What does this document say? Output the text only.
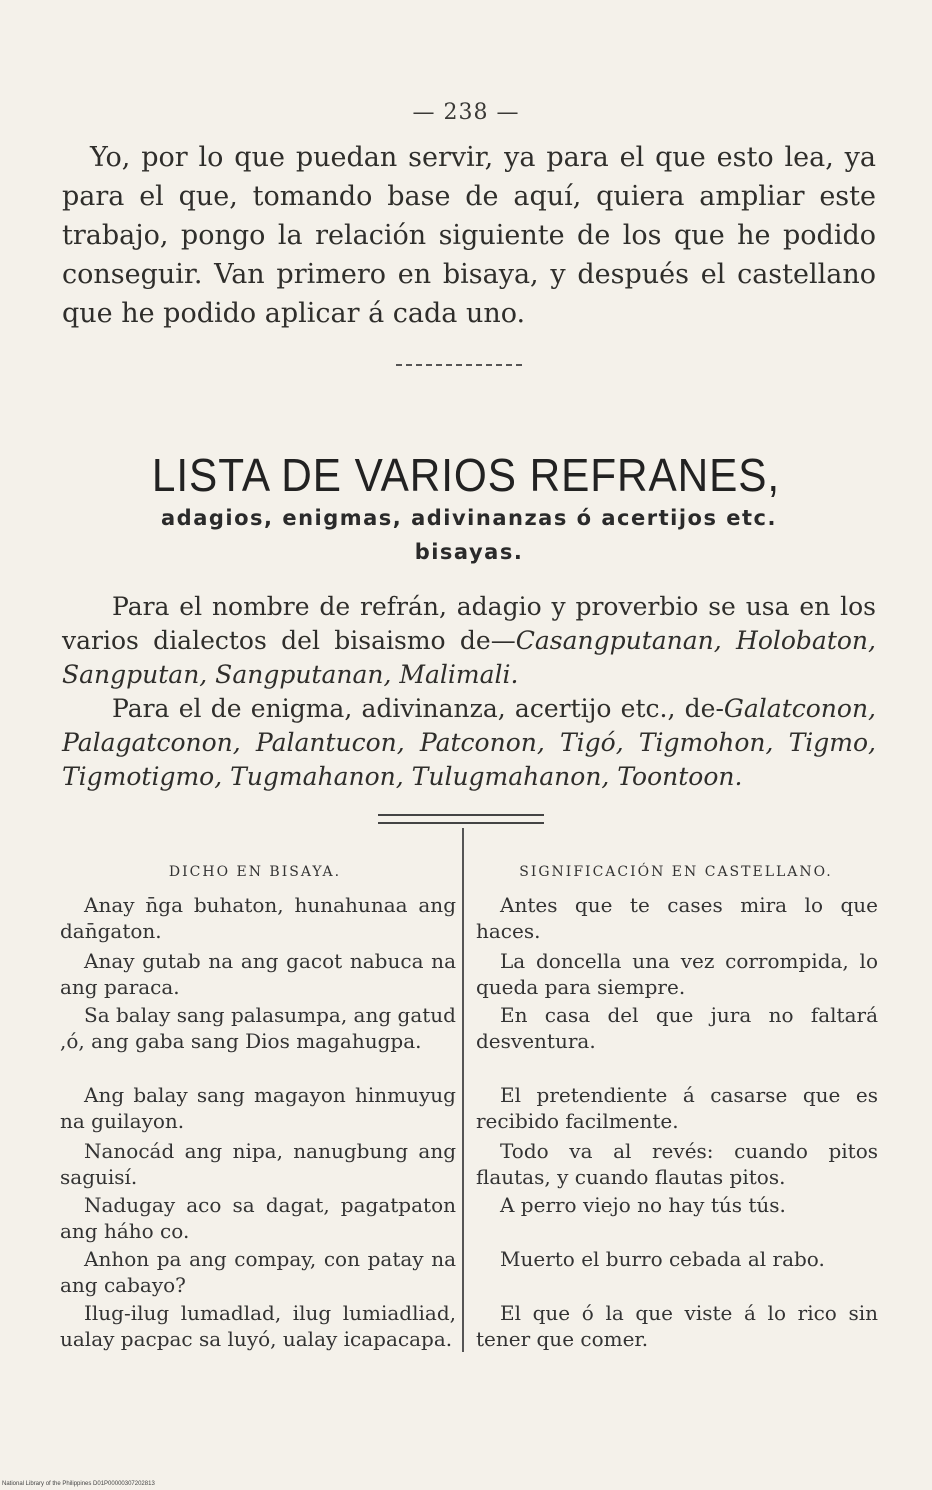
— 238 —
Yo, por lo que puedan servir, ya para el que esto lea, ya para el que, tomando base de aquí, quiera ampliar este trabajo, pongo la relación siguiente de los que he podido conseguir. Van primero en bisaya, y después el castellano que he podido aplicar á cada uno.
LISTA DE VARIOS REFRANES,
adagios, enigmas, adivinanzas ó acertijos etc.
bisayas.

Para el nombre de refrán, adagio y proverbio se usa en los varios dialectos del bisaismo de—Casangputanan, Holobaton, Sangputan, Sangputanan, Malimali.

Para el de enigma, adivinanza, acertijo etc., de-Galatconon, Palagatconon, Palantucon, Patconon, Tigó, Tigmohon, Tigmo, Tigmotigmo, Tugmahanon, Tulugmahanon, Toontoon.

DICHO EN BISAYA.	SIGNIFICACIÓN EN CASTELLANO.
Anay n̄ga buhaton, hunahunaa ang dan̄gaton.
Antes que te cases mira lo que haces.
Anay gutab na ang gacot nabuca na ang paraca.
La doncella una vez corrompida, lo queda para siempre.
Sa balay sang palasumpa, ang gatud ,ó, ang gaba sang Dios magahugpa.
En casa del que jura no faltará desventura.
Ang balay sang magayon hinmuyug na guilayon.
El pretendiente á casarse que es recibido facilmente.
Nanocád ang nipa, nanugbung ang saguisí.
Todo va al revés: cuando pitos flautas, y cuando flautas pitos.
Nadugay aco sa dagat, pagatpaton ang háho co.
A perro viejo no hay tús tús.
Anhon pa ang compay, con patay na ang cabayo?
Muerto el burro cebada al rabo.
Ilug-ilug lumadlad, ilug lumiadliad, ualay pacpac sa luyó, ualay icapacapa.
El que ó la que viste á lo rico sin tener que comer.
National Library of the Philippines D01P00000307202813
